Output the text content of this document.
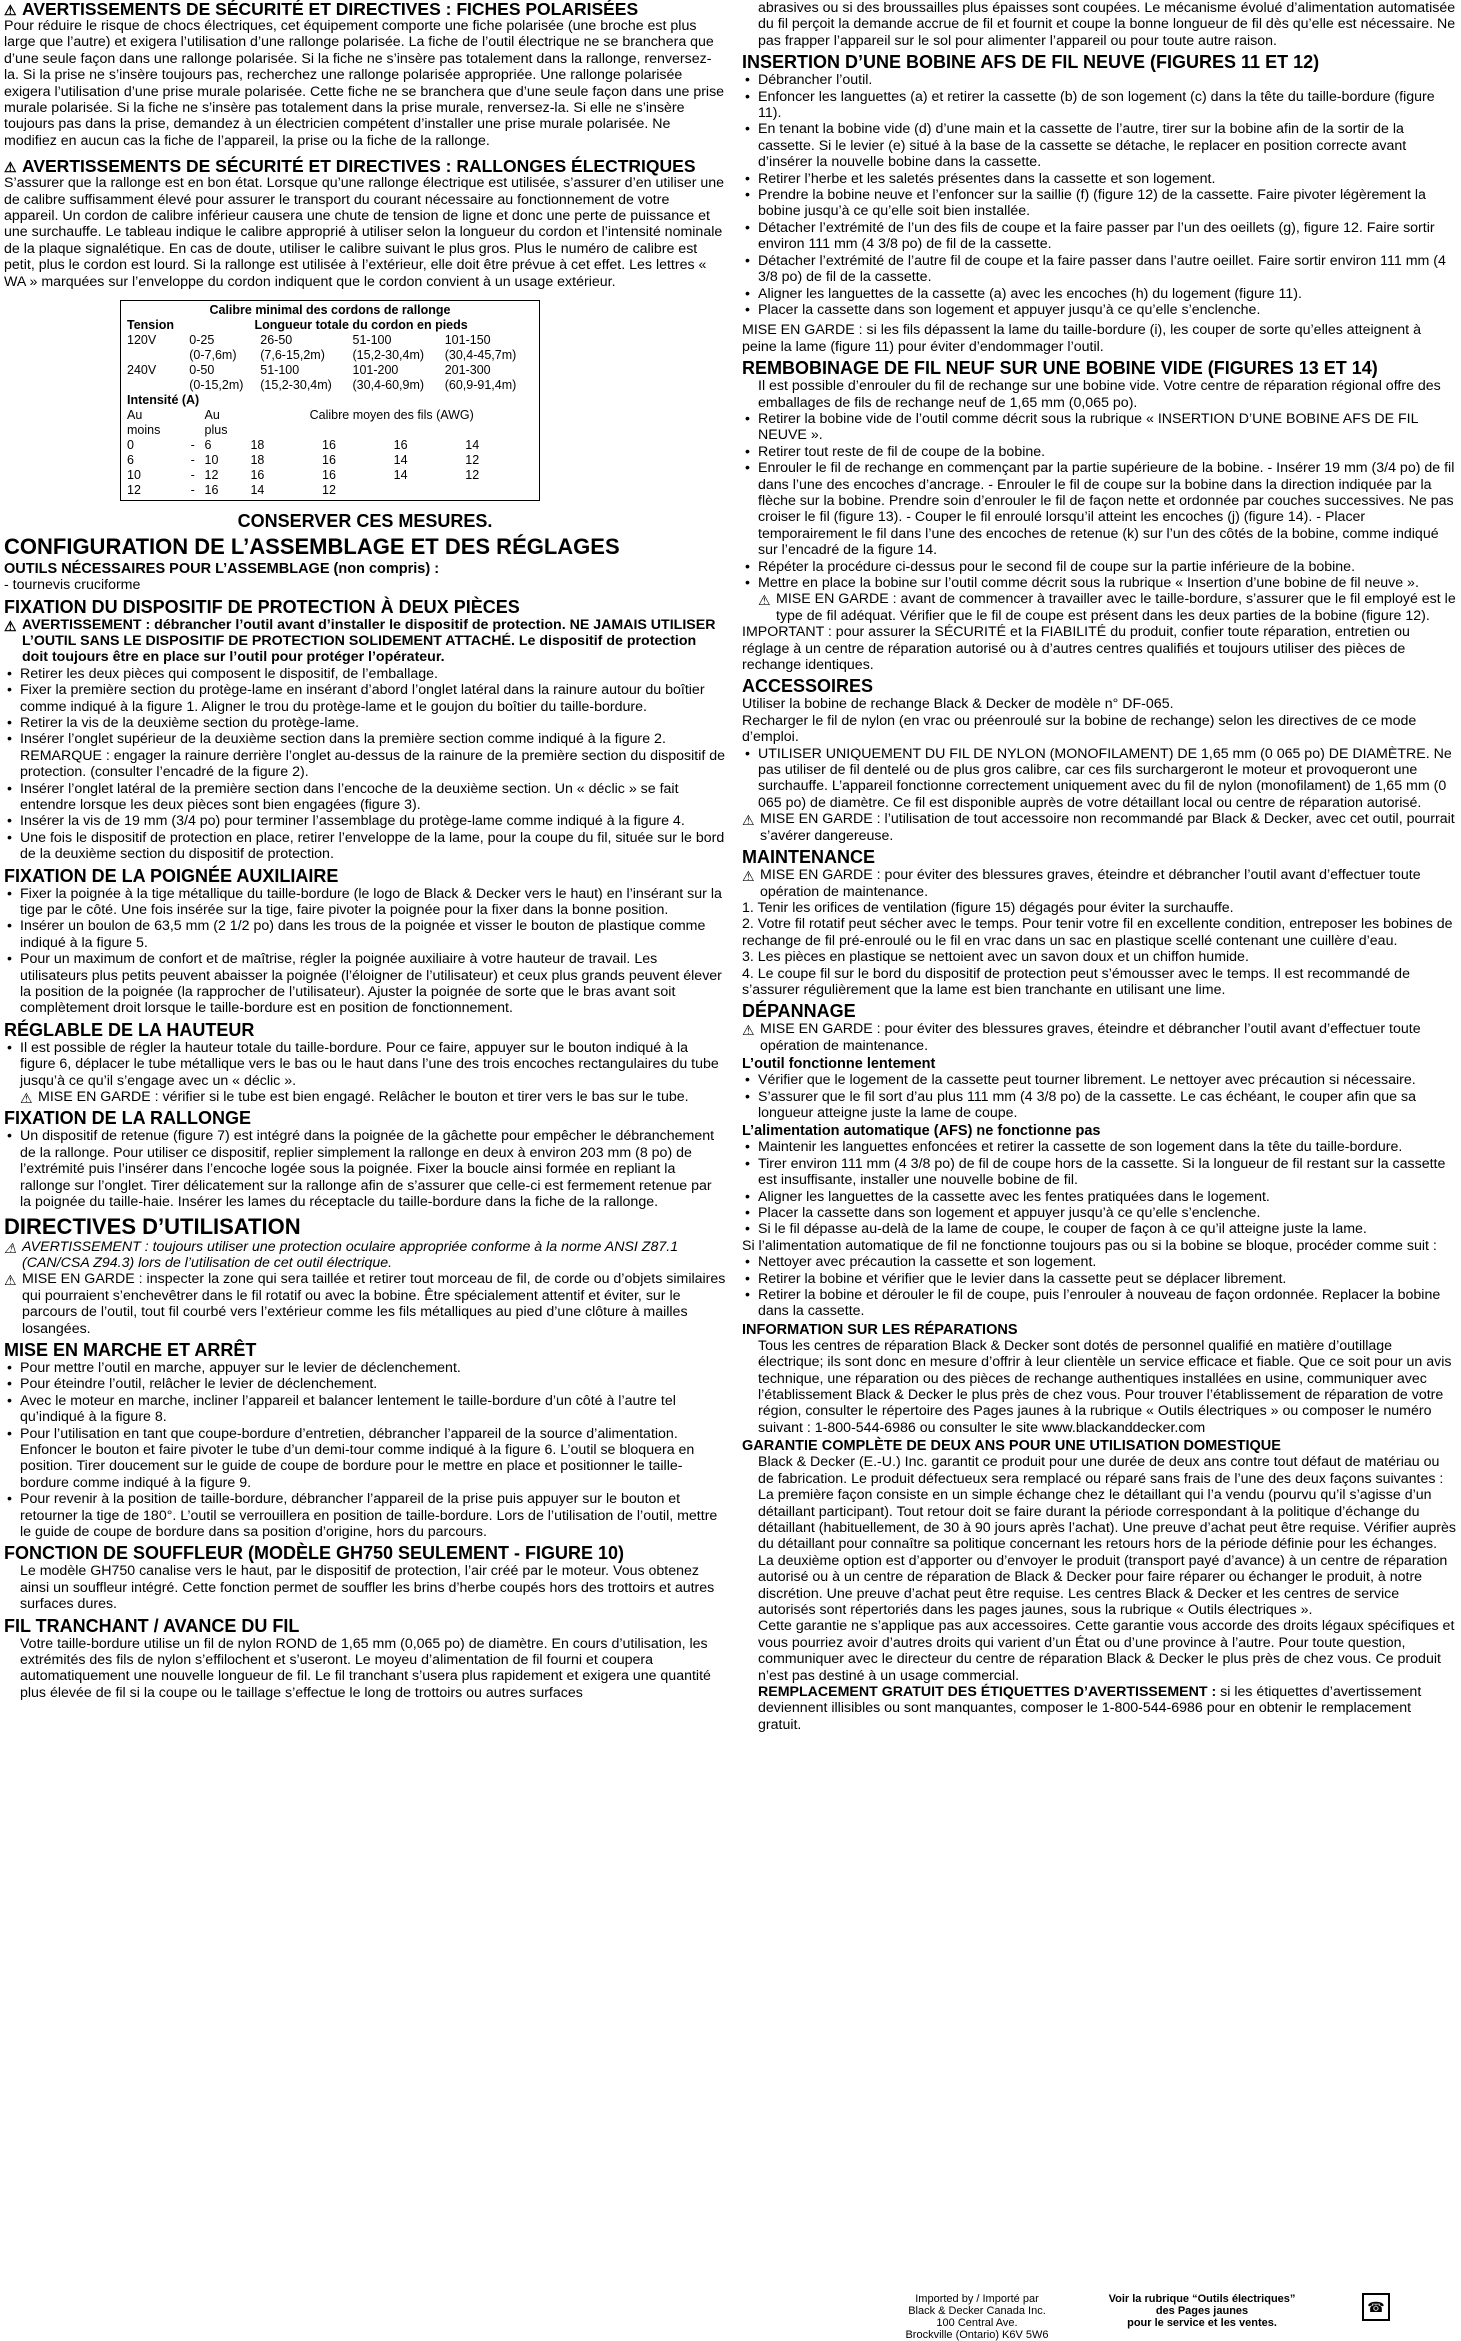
⚠ AVERTISSEMENTS DE SÉCURITÉ ET DIRECTIVES : FICHES POLARISÉES

Pour réduire le risque de chocs électriques, cet équipement comporte une fiche polarisée (une broche est plus large que l’autre) et exigera l’utilisation d’une rallonge polarisée. La fiche de l’outil électrique ne se branchera que d’une seule façon dans une rallonge polarisée. Si la fiche ne s’insère pas totalement dans la rallonge, renversez-la. Si la prise ne s’insère toujours pas, recherchez une rallonge polarisée appropriée. Une rallonge polarisée exigera l’utilisation d’une prise murale polarisée. Cette fiche ne se branchera que d’une seule façon dans une prise murale polarisée. Si la fiche ne s’insère pas totalement dans la prise murale, renversez-la. Si elle ne s’insère toujours pas dans la prise, demandez à un électricien compétent d’installer une prise murale polarisée. Ne modifiez en aucun cas la fiche de l’appareil, la prise ou la fiche de la rallonge.

⚠ AVERTISSEMENTS DE SÉCURITÉ ET DIRECTIVES : RALLONGES ÉLECTRIQUES

S’assurer que la rallonge est en bon état. Lorsque qu’une rallonge électrique est utilisée, s’assurer d’en utiliser une de calibre suffisamment élevé pour assurer le transport du courant nécessaire au fonctionnement de votre appareil. Un cordon de calibre inférieur causera une chute de tension de ligne et donc une perte de puissance et une surchauffe. Le tableau indique le calibre approprié à utiliser selon la longueur du cordon et l’intensité nominale de la plaque signalétique. En cas de doute, utiliser le calibre suivant le plus gros. Plus le numéro de calibre est petit, plus le cordon est lourd. Si la rallonge est utilisée à l’extérieur, elle doit être prévue à cet effet. Les lettres « WA » marquées sur l’enveloppe du cordon indiquent que le cordon convient à un usage extérieur.

Calibre minimal des cordons de rallonge
Tension	Longueur totale du cordon en pieds			
120V	0-25	26-50	51-100	101-150
	(0-7,6m)	(7,6-15,2m)	(15,2-30,4m)	(30,4-45,7m)
240V	0-50	51-100	101-200	201-300
	(0-15,2m)	(15,2-30,4m)	(30,4-60,9m)	(60,9-91,4m)
Intensité (A)						
Au		Au	Calibre moyen des fils (AWG)			
moins		plus				
0	-	6	18	16	16	14
6	-	10	18	16	14	12
10	-	12	16	16	14	12
12	-	16	14	12		
CONSERVER CES MESURES.
CONFIGURATION DE L’ASSEMBLAGE ET DES RÉGLAGES
OUTILS NÉCESSAIRES POUR L’ASSEMBLAGE (non compris) :

- tournevis cruciforme

FIXATION DU DISPOSITIF DE PROTECTION À DEUX PIÈCES

⚠ AVERTISSEMENT : débrancher l’outil avant d’installer le dispositif de protection. NE JAMAIS UTILISER L’OUTIL SANS LE DISPOSITIF DE PROTECTION SOLIDEMENT ATTACHÉ. Le dispositif de protection doit toujours être en place sur l’outil pour protéger l’opérateur.

• Retirer les deux pièces qui composent le dispositif, de l’emballage.
• Fixer la première section du protège-lame en insérant d’abord l’onglet latéral dans la rainure autour du boîtier comme indiqué à la figure 1. Aligner le trou du protège-lame et le goujon du boîtier du taille-bordure.
• Retirer la vis de la deuxième section du protège-lame.
• Insérer l’onglet supérieur de la deuxième section dans la première section comme indiqué à la figure 2. REMARQUE : engager la rainure derrière l’onglet au-dessus de la rainure de la première section du dispositif de protection. (consulter l’encadré de la figure 2).
• Insérer l’onglet latéral de la première section dans l’encoche de la deuxième section. Un « déclic » se fait entendre lorsque les deux pièces sont bien engagées (figure 3).
• Insérer la vis de 19 mm (3/4 po) pour terminer l’assemblage du protège-lame comme indiqué à la figure 4.
• Une fois le dispositif de protection en place, retirer l’enveloppe de la lame, pour la coupe du fil, située sur le bord de la deuxième section du dispositif de protection.
FIXATION DE LA POIGNÉE AUXILIAIRE
• Fixer la poignée à la tige métallique du taille-bordure (le logo de Black & Decker vers le haut) en l’insérant sur la tige par le côté. Une fois insérée sur la tige, faire pivoter la poignée pour la fixer dans la bonne position.
• Insérer un boulon de 63,5 mm (2 1/2 po) dans les trous de la poignée et visser le bouton de plastique comme indiqué à la figure 5.
• Pour un maximum de confort et de maîtrise, régler la poignée auxiliaire à votre hauteur de travail. Les utilisateurs plus petits peuvent abaisser la poignée (l’éloigner de l’utilisateur) et ceux plus grands peuvent élever la position de la poignée (la rapprocher de l’utilisateur). Ajuster la poignée de sorte que le bras avant soit complètement droit lorsque le taille-bordure est en position de fonctionnement.
RÉGLABLE DE LA HAUTEUR
• Il est possible de régler la hauteur totale du taille-bordure. Pour ce faire, appuyer sur le bouton indiqué à la figure 6, déplacer le tube métallique vers le bas ou le haut dans l’une des trois encoches rectangulaires du tube jusqu’à ce qu’il s’engage avec un « déclic ».

⚠ MISE EN GARDE : vérifier si le tube est bien engagé. Relâcher le bouton et tirer vers le bas sur le tube.

FIXATION DE LA RALLONGE
• Un dispositif de retenue (figure 7) est intégré dans la poignée de la gâchette pour empêcher le débranchement de la rallonge. Pour utiliser ce dispositif, replier simplement la rallonge en deux à environ 203 mm (8 po) de l’extrémité puis l’insérer dans l’encoche logée sous la poignée. Fixer la boucle ainsi formée en repliant la rallonge sur l’onglet. Tirer délicatement sur la rallonge afin de s’assurer que celle-ci est fermement retenue par la poignée du taille-haie. Insérer les lames du réceptacle du taille-bordure dans la fiche de la rallonge.
DIRECTIVES D’UTILISATION

⚠ AVERTISSEMENT : toujours utiliser une protection oculaire appropriée conforme à la norme ANSI Z87.1 (CAN/CSA Z94.3) lors de l’utilisation de cet outil électrique.

⚠ MISE EN GARDE : inspecter la zone qui sera taillée et retirer tout morceau de fil, de corde ou d’objets similaires qui pourraient s’enchevêtrer dans le fil rotatif ou avec la bobine. Être spécialement attentif et éviter, sur le parcours de l’outil, tout fil courbé vers l’extérieur comme les fils métalliques au pied d’une clôture à mailles losangées.

MISE EN MARCHE ET ARRÊT
• Pour mettre l’outil en marche, appuyer sur le levier de déclenchement.
• Pour éteindre l’outil, relâcher le levier de déclenchement.
• Avec le moteur en marche, incliner l’appareil et balancer lentement le taille-bordure d’un côté à l’autre tel qu’indiqué à la figure 8.
• Pour l’utilisation en tant que coupe-bordure d’entretien, débrancher l’appareil de la source d’alimentation. Enfoncer le bouton et faire pivoter le tube d’un demi-tour comme indiqué à la figure 6. L’outil se bloquera en position. Tirer doucement sur le guide de coupe de bordure pour le mettre en place et positionner le taille-bordure comme indiqué à la figure 9.
• Pour revenir à la position de taille-bordure, débrancher l’appareil de la prise puis appuyer sur le bouton et retourner la tige de 180°. L’outil se verrouillera en position de taille-bordure. Lors de l’utilisation de l’outil, mettre le guide de coupe de bordure dans sa position d’origine, hors du parcours.
FONCTION DE SOUFFLEUR (MODÈLE GH750 SEULEMENT - FIGURE 10)

Le modèle GH750 canalise vers le haut, par le dispositif de protection, l’air créé par le moteur. Vous obtenez ainsi un souffleur intégré. Cette fonction permet de souffler les brins d’herbe coupés hors des trottoirs et autres surfaces dures.

FIL TRANCHANT / AVANCE DU FIL

Votre taille-bordure utilise un fil de nylon ROND de 1,65 mm (0,065 po) de diamètre. En cours d’utilisation, les extrémités des fils de nylon s’effilochent et s’useront. Le moyeu d’alimentation de fil fourni et coupera automatiquement une nouvelle longueur de fil. Le fil tranchant s’usera plus rapidement et exigera une quantité plus élevée de fil si la coupe ou le taillage s’effectue le long de trottoirs ou autres surfaces

abrasives ou si des broussailles plus épaisses sont coupées. Le mécanisme évolué d’alimentation automatisée du fil perçoit la demande accrue de fil et fournit et coupe la bonne longueur de fil dès qu’elle est nécessaire. Ne pas frapper l’appareil sur le sol pour alimenter l’appareil ou pour toute autre raison.

INSERTION D’UNE BOBINE AFS DE FIL NEUVE (FIGURES 11 ET 12)
• Débrancher l’outil.
• Enfoncer les languettes (a) et retirer la cassette (b) de son logement (c) dans la tête du taille-bordure (figure 11).
• En tenant la bobine vide (d) d’une main et la cassette de l’autre, tirer sur la bobine afin de la sortir de la cassette. Si le levier (e) situé à la base de la cassette se détache, le replacer en position correcte avant d’insérer la nouvelle bobine dans la cassette.
• Retirer l’herbe et les saletés présentes dans la cassette et son logement.
• Prendre la bobine neuve et l’enfoncer sur la saillie (f) (figure 12) de la cassette. Faire pivoter légèrement la bobine jusqu’à ce qu’elle soit bien installée.
• Détacher l’extrémité de l’un des fils de coupe et la faire passer par l’un des oeillets (g), figure 12. Faire sortir environ 111 mm (4 3/8 po) de fil de la cassette.
• Détacher l’extrémité de l’autre fil de coupe et la faire passer dans l’autre oeillet. Faire sortir environ 111 mm (4 3/8 po) de fil de la cassette.
• Aligner les languettes de la cassette (a) avec les encoches (h) du logement (figure 11).
• Placer la cassette dans son logement et appuyer jusqu’à ce qu’elle s’enclenche.

MISE EN GARDE : si les fils dépassent la lame du taille-bordure (i), les couper de sorte qu’elles atteignent à peine la lame (figure 11) pour éviter d’endommager l’outil.

REMBOBINAGE DE FIL NEUF SUR UNE BOBINE VIDE (FIGURES 13 ET 14)

Il est possible d’enrouler du fil de rechange sur une bobine vide. Votre centre de réparation régional offre des emballages de fils de rechange neuf de 1,65 mm (0,065 po).

• Retirer la bobine vide de l’outil comme décrit sous la rubrique « INSERTION D’UNE BOBINE AFS DE FIL NEUVE ».
• Retirer tout reste de fil de coupe de la bobine.
• Enrouler le fil de rechange en commençant par la partie supérieure de la bobine. - Insérer 19 mm (3/4 po) de fil dans l’une des encoches d’ancrage. - Enrouler le fil de coupe sur la bobine dans la direction indiquée par la flèche sur la bobine. Prendre soin d’enrouler le fil de façon nette et ordonnée par couches successives. Ne pas croiser le fil (figure 13). - Couper le fil enroulé lorsqu’il atteint les encoches (j) (figure 14). - Placer temporairement le fil dans l’une des encoches de retenue (k) sur l’un des côtés de la bobine, comme indiqué sur l’encadré de la figure 14.
• Répéter la procédure ci-dessus pour le second fil de coupe sur la partie inférieure de la bobine.
• Mettre en place la bobine sur l’outil comme décrit sous la rubrique « Insertion d’une bobine de fil neuve ».

⚠ MISE EN GARDE : avant de commencer à travailler avec le taille-bordure, s’assurer que le fil employé est le type de fil adéquat. Vérifier que le fil de coupe est présent dans les deux parties de la bobine (figure 12).

IMPORTANT : pour assurer la SÉCURITÉ et la FIABILITÉ du produit, confier toute réparation, entretien ou réglage à un centre de réparation autorisé ou à d’autres centres qualifiés et toujours utiliser des pièces de rechange identiques.

ACCESSOIRES

Utiliser la bobine de rechange Black & Decker de modèle n° DF-065.

Recharger le fil de nylon (en vrac ou préenroulé sur la bobine de rechange) selon les directives de ce mode d’emploi.

• UTILISER UNIQUEMENT DU FIL DE NYLON (MONOFILAMENT) DE 1,65 mm (0 065 po) DE DIAMÈTRE. Ne pas utiliser de fil dentelé ou de plus gros calibre, car ces fils surchargeront le moteur et provoqueront une surchauffe. L’appareil fonctionne correctement uniquement avec du fil de nylon (monofilament) de 1,65 mm (0 065 po) de diamètre. Ce fil est disponible auprès de votre détaillant local ou centre de réparation autorisé.

⚠ MISE EN GARDE : l’utilisation de tout accessoire non recommandé par Black & Decker, avec cet outil, pourrait s’avérer dangereuse.

MAINTENANCE

⚠ MISE EN GARDE : pour éviter des blessures graves, éteindre et débrancher l’outil avant d’effectuer toute opération de maintenance.

1. Tenir les orifices de ventilation (figure 15) dégagés pour éviter la surchauffe.

2. Votre fil rotatif peut sécher avec le temps. Pour tenir votre fil en excellente condition, entreposer les bobines de rechange de fil pré-enroulé ou le fil en vrac dans un sac en plastique scellé contenant une cuillère d’eau.

3. Les pièces en plastique se nettoient avec un savon doux et un chiffon humide.

4. Le coupe fil sur le bord du dispositif de protection peut s’émousser avec le temps. Il est recommandé de s’assurer régulièrement que la lame est bien tranchante en utilisant une lime.

DÉPANNAGE

⚠ MISE EN GARDE : pour éviter des blessures graves, éteindre et débrancher l’outil avant d’effectuer toute opération de maintenance.

L’outil fonctionne lentement
• Vérifier que le logement de la cassette peut tourner librement. Le nettoyer avec précaution si nécessaire.
• S’assurer que le fil sort d’au plus 111 mm (4 3/8 po) de la cassette. Le cas échéant, le couper afin que sa longueur atteigne juste la lame de coupe.
L’alimentation automatique (AFS) ne fonctionne pas
• Maintenir les languettes enfoncées et retirer la cassette de son logement dans la tête du taille-bordure.
• Tirer environ 111 mm (4 3/8 po) de fil de coupe hors de la cassette. Si la longueur de fil restant sur la cassette est insuffisante, installer une nouvelle bobine de fil.
• Aligner les languettes de la cassette avec les fentes pratiquées dans le logement.
• Placer la cassette dans son logement et appuyer jusqu’à ce qu’elle s’enclenche.
• Si le fil dépasse au-delà de la lame de coupe, le couper de façon à ce qu’il atteigne juste la lame.

Si l’alimentation automatique de fil ne fonctionne toujours pas ou si la bobine se bloque, procéder comme suit :

• Nettoyer avec précaution la cassette et son logement.
• Retirer la bobine et vérifier que le levier dans la cassette peut se déplacer librement.
• Retirer la bobine et dérouler le fil de coupe, puis l’enrouler à nouveau de façon ordonnée. Replacer la bobine dans la cassette.
INFORMATION SUR LES RÉPARATIONS

Tous les centres de réparation Black & Decker sont dotés de personnel qualifié en matière d’outillage électrique; ils sont donc en mesure d’offrir à leur clientèle un service efficace et fiable. Que ce soit pour un avis technique, une réparation ou des pièces de rechange authentiques installées en usine, communiquer avec l’établissement Black & Decker le plus près de chez vous. Pour trouver l’établissement de réparation de votre région, consulter le répertoire des Pages jaunes à la rubrique « Outils électriques » ou composer le numéro suivant : 1-800-544-6986 ou consulter le site www.blackanddecker.com

GARANTIE COMPLÈTE DE DEUX ANS POUR UNE UTILISATION DOMESTIQUE

Black & Decker (E.-U.) Inc. garantit ce produit pour une durée de deux ans contre tout défaut de matériau ou de fabrication. Le produit défectueux sera remplacé ou réparé sans frais de l’une des deux façons suivantes :

La première façon consiste en un simple échange chez le détaillant qui l’a vendu (pourvu qu’il s’agisse d’un détaillant participant). Tout retour doit se faire durant la période correspondant à la politique d’échange du détaillant (habituellement, de 30 à 90 jours après l’achat). Une preuve d’achat peut être requise. Vérifier auprès du détaillant pour connaître sa politique concernant les retours hors de la période définie pour les échanges.

La deuxième option est d’apporter ou d’envoyer le produit (transport payé d’avance) à un centre de réparation autorisé ou à un centre de réparation de Black & Decker pour faire réparer ou échanger le produit, à notre discrétion. Une preuve d’achat peut être requise. Les centres Black & Decker et les centres de service autorisés sont répertoriés dans les pages jaunes, sous la rubrique « Outils électriques ».

Cette garantie ne s’applique pas aux accessoires. Cette garantie vous accorde des droits légaux spécifiques et vous pourriez avoir d’autres droits qui varient d’un État ou d’une province à l’autre. Pour toute question, communiquer avec le directeur du centre de réparation Black & Decker le plus près de chez vous. Ce produit n’est pas destiné à un usage commercial.

REMPLACEMENT GRATUIT DES ÉTIQUETTES D’AVERTISSEMENT : si les étiquettes d’avertissement deviennent illisibles ou sont manquantes, composer le 1-800-544-6986 pour en obtenir le remplacement gratuit.

Imported by / Importé par
Black & Decker Canada Inc.
100 Central Ave.
Brockville (Ontario) K6V 5W6
Voir la rubrique “Outils électriques”
des Pages jaunes
pour le service et les ventes.
☎
